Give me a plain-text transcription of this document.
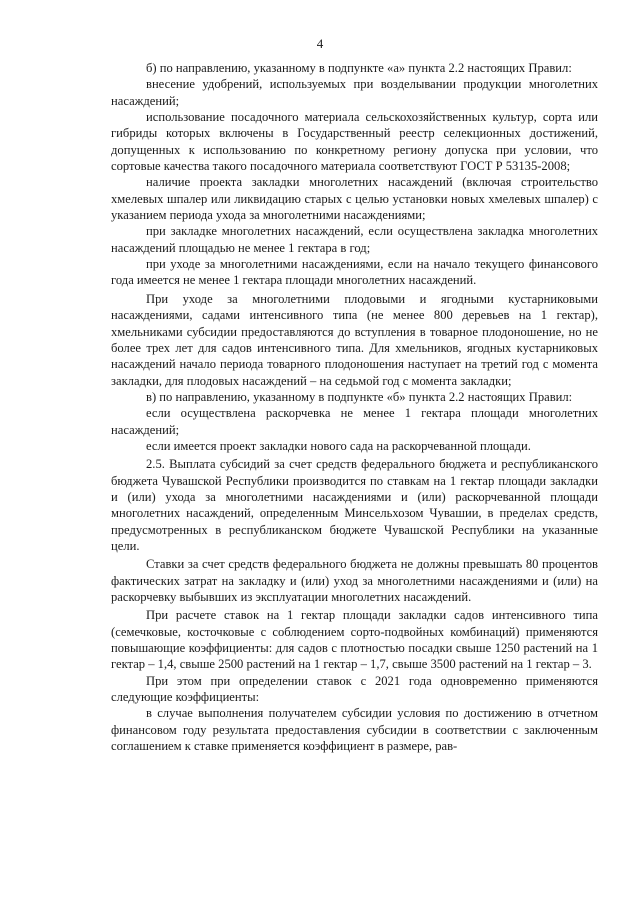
4

б) по направлению, указанному в подпункте «а» пункта 2.2 настоящих Правил:

внесение удобрений, используемых при возделывании продукции многолетних насаждений;

использование посадочного материала сельскохозяйственных культур, сорта или гибриды которых включены в Государственный реестр селекционных достижений, допущенных к использованию по конкретному региону допуска при условии, что сортовые качества такого посадочного материала соответствуют ГОСТ Р 53135-2008;

наличие проекта закладки многолетних насаждений (включая строительство хмелевых шпалер или ликвидацию старых с целью установки новых хмелевых шпалер) с указанием периода ухода за многолетними насаждениями;

при закладке многолетних насаждений, если осуществлена закладка многолетних насаждений площадью не менее 1 гектара в год;

при уходе за многолетними насаждениями, если на начало текущего финансового года имеется не менее 1 гектара площади многолетних насаждений.

При уходе за многолетними плодовыми и ягодными кустарниковыми насаждениями, садами интенсивного типа (не менее 800 деревьев на 1 гектар), хмельниками субсидии предоставляются до вступления в товарное плодоношение, но не более трех лет для садов интенсивного типа. Для хмельников, ягодных кустарниковых насаждений начало периода товарного плодоношения наступает на третий год с момента закладки, для плодовых насаждений – на седьмой год с момента закладки;

в) по направлению, указанному в подпункте «б» пункта 2.2 настоящих Правил:

если осуществлена раскорчевка не менее 1 гектара площади многолетних насаждений;

если имеется проект закладки нового сада на раскорчеванной площади.

2.5. Выплата субсидий за счет средств федерального бюджета и республиканского бюджета Чувашской Республики производится по ставкам на 1 гектар площади закладки и (или) ухода за многолетними насаждениями и (или) раскорчеванной площади многолетних насаждений, определенным Минсельхозом Чувашии, в пределах средств, предусмотренных в республиканском бюджете Чувашской Республики на указанные цели.

Ставки за счет средств федерального бюджета не должны превышать 80 процентов фактических затрат на закладку и (или) уход за многолетними насаждениями и (или) на раскорчевку выбывших из эксплуатации многолетних насаждений.

При расчете ставок на 1 гектар площади закладки садов интенсивного типа (семечковые, косточковые с соблюдением сорто-подвойных комбинаций) применяются повышающие коэффициенты: для садов с плотностью посадки свыше 1250 растений на 1 гектар – 1,4, свыше 2500 растений на 1 гектар – 1,7, свыше 3500 растений на 1 гектар – 3.

При этом при определении ставок с 2021 года одновременно применяются следующие коэффициенты:

в случае выполнения получателем субсидии условия по достижению в отчетном финансовом году результата предоставления субсидии в соответствии с заключенным соглашением к ставке применяется коэффициент в размере, рав-
